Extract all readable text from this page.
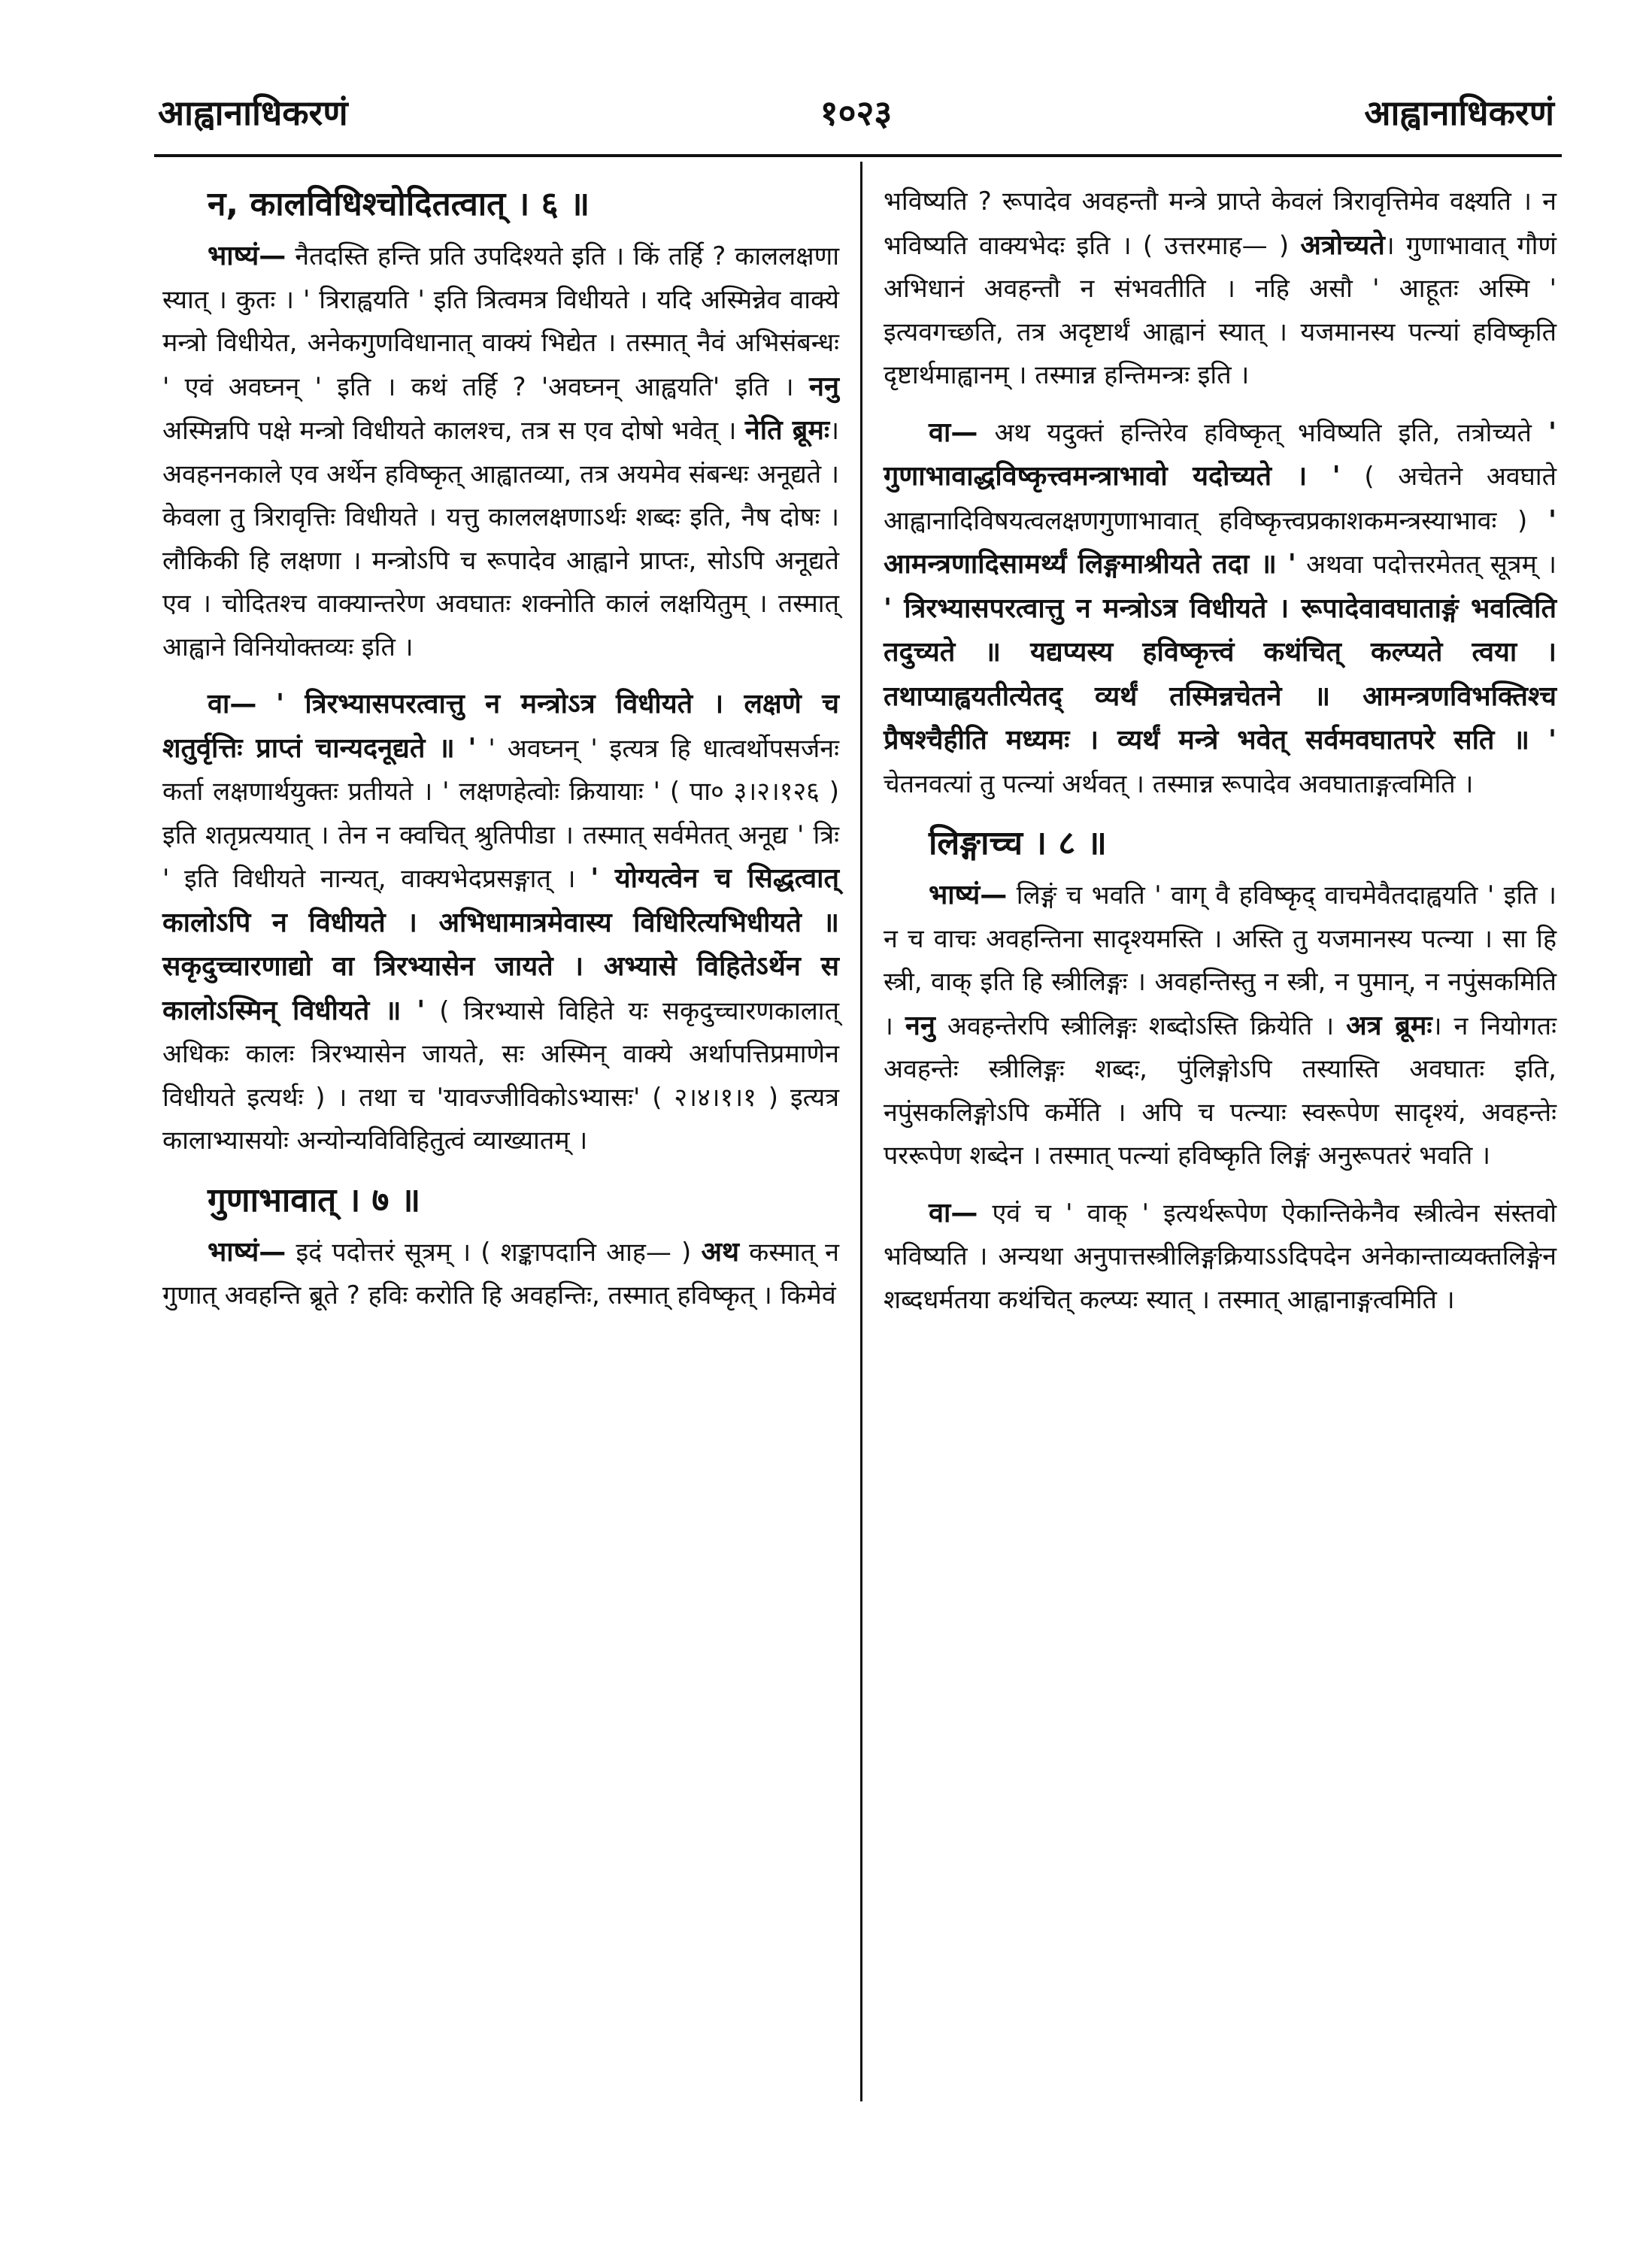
आह्वानाधिकरणं	१०२३	आह्वानाधिकरणं
न, कालविधिश्चोदितत्वात् । ६ ॥

भाष्यं— नैतदस्ति हन्ति प्रति उपदिश्यते इति । किं तर्हि ? काललक्षणा स्यात् । कुतः । ' त्रिराह्वयति ' इति त्रित्वमत्र विधीयते । यदि अस्मिन्नेव वाक्ये मन्त्रो विधीयेत, अनेकगुणविधानात् वाक्यं भिद्येत । तस्मात् नैवं अभिसंबन्धः ' एवं अवघ्नन् ' इति । कथं तर्हि ? 'अवघ्नन् आह्वयति' इति । ननु अस्मिन्नपि पक्षे मन्त्रो विधीयते कालश्च, तत्र स एव दोषो भवेत् । नेति ब्रूमः। अवहननकाले एव अर्थेन हविष्कृत् आह्वातव्या, तत्र अयमेव संबन्धः अनूद्यते । केवला तु त्रिरावृत्तिः विधीयते । यत्तु काललक्षणाऽर्थः शब्दः इति, नैष दोषः । लौकिकी हि लक्षणा । मन्त्रोऽपि च रूपादेव आह्वाने प्राप्तः, सोऽपि अनूद्यते एव । चोदितश्च वाक्यान्तरेण अवघातः शक्नोति कालं लक्षयितुम् । तस्मात् आह्वाने विनियोक्तव्यः इति ।

वा— ' त्रिरभ्यासपरत्वात्तु न मन्त्रोऽत्र विधीयते । लक्षणे च शतुर्वृत्तिः प्राप्तं चान्यदनूद्यते ॥ ' ' अवघ्नन् ' इत्यत्र हि धात्वर्थोपसर्जनः कर्ता लक्षणार्थयुक्तः प्रतीयते । ' लक्षणहेत्वोः क्रियायाः ' ( पा० ३।२।१२६ ) इति शतृप्रत्ययात् । तेन न क्वचित् श्रुतिपीडा । तस्मात् सर्वमेतत् अनूद्य ' त्रिः ' इति विधीयते नान्यत्, वाक्यभेदप्रसङ्गात् । ' योग्यत्वेन च सिद्धत्वात् कालोऽपि न विधीयते । अभिधामात्रमेवास्य विधिरित्यभिधीयते ॥ सकृदुच्चारणाद्यो वा त्रिरभ्यासेन जायते । अभ्यासे विहितेऽर्थेन स कालोऽस्मिन् विधीयते ॥ ' ( त्रिरभ्यासे विहिते यः सकृदुच्चारणकालात् अधिकः कालः त्रिरभ्यासेन जायते, सः अस्मिन् वाक्ये अर्थापत्तिप्रमाणेन विधीयते इत्यर्थः ) । तथा च 'यावज्जीविकोऽभ्यासः' ( २।४।१।१ ) इत्यत्र कालाभ्यासयोः अन्योन्यविविहितुत्वं व्याख्यातम् ।

गुणाभावात् । ७ ॥

भाष्यं— इदं पदोत्तरं सूत्रम् । ( शङ्कापदानि आह— ) अथ कस्मात् न गुणात् अवहन्ति ब्रूते ? हविः करोति हि अवहन्तिः, तस्मात् हविष्कृत् । किमेवं

भविष्यति ? रूपादेव अवहन्तौ मन्त्रे प्राप्ते केवलं त्रिरावृत्तिमेव वक्ष्यति । न भविष्यति वाक्यभेदः इति । ( उत्तरमाह— ) अत्रोच्यते। गुणाभावात् गौणं अभिधानं अवहन्तौ न संभवतीति । नहि असौ ' आहूतः अस्मि ' इत्यवगच्छति, तत्र अदृष्टार्थं आह्वानं स्यात् । यजमानस्य पत्न्यां हविष्कृति दृष्टार्थमाह्वानम् । तस्मान्न हन्तिमन्त्रः इति ।

वा— अथ यदुक्तं हन्तिरेव हविष्कृत् भविष्यति इति, तत्रोच्यते ' गुणाभावाद्धविष्कृत्त्वमन्त्राभावो यदोच्यते । ' ( अचेतने अवघाते आह्वानादिविषयत्वलक्षणगुणाभावात् हविष्कृत्त्वप्रकाशकमन्त्रस्याभावः ) ' आमन्त्रणादिसामर्थ्यं लिङ्गमाश्रीयते तदा ॥ ' अथवा पदोत्तरमेतत् सूत्रम् । ' त्रिरभ्यासपरत्वात्तु न मन्त्रोऽत्र विधीयते । रूपादेवावघाताङ्गं भवत्विति तदुच्यते ॥ यद्यप्यस्य हविष्कृत्त्वं कथंचित् कल्प्यते त्वया । तथाप्याह्वयतीत्येतद् व्यर्थं तस्मिन्नचेतने ॥ आमन्त्रणविभक्तिश्च प्रैषश्चैहीति मध्यमः । व्यर्थं मन्त्रे भवेत् सर्वमवघातपरे सति ॥ ' चेतनवत्यां तु पत्न्यां अर्थवत् । तस्मान्न रूपादेव अवघाताङ्गत्वमिति ।

लिङ्गाच्च । ८ ॥

भाष्यं— लिङ्गं च भवति ' वाग् वै हविष्कृद् वाचमेवैतदाह्वयति ' इति । न च वाचः अवहन्तिना सादृश्यमस्ति । अस्ति तु यजमानस्य पत्न्या । सा हि स्त्री, वाक् इति हि स्त्रीलिङ्गः । अवहन्तिस्तु न स्त्री, न पुमान्, न नपुंसकमिति । ननु अवहन्तेरपि स्त्रीलिङ्गः शब्दोऽस्ति क्रियेति । अत्र ब्रूमः। न नियोगतः अवहन्तेः स्त्रीलिङ्गः शब्दः, पुंलिङ्गोऽपि तस्यास्ति अवघातः इति, नपुंसकलिङ्गोऽपि कर्मेति । अपि च पत्न्याः स्वरूपेण सादृश्यं, अवहन्तेः पररूपेण शब्देन । तस्मात् पत्न्यां हविष्कृति लिङ्गं अनुरूपतरं भवति ।

वा— एवं च ' वाक् ' इत्यर्थरूपेण ऐकान्तिकेनैव स्त्रीत्वेन संस्तवो भविष्यति । अन्यथा अनुपात्तस्त्रीलिङ्गक्रियाऽऽदिपदेन अनेकान्ताव्यक्तलिङ्गेन शब्दधर्मतया कथंचित् कल्प्यः स्यात् । तस्मात् आह्वानाङ्गत्वमिति ।
